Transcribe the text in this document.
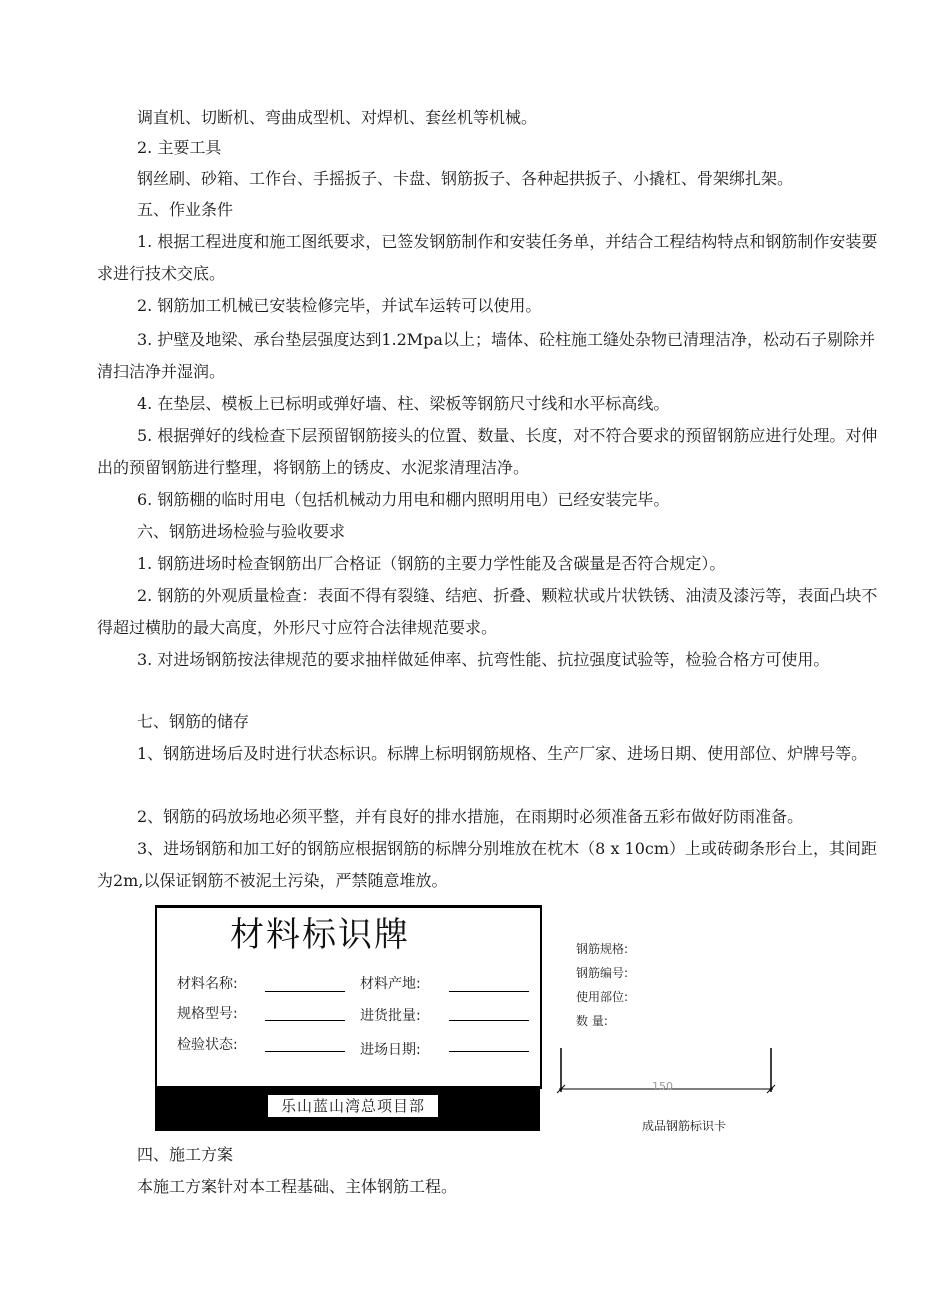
调直机、切断机、弯曲成型机、对焊机、套丝机等机械。

2. 主要工具

钢丝刷、砂箱、工作台、手摇扳子、卡盘、钢筋扳子、各种起拱扳子、小撬杠、骨架绑扎架。

五、作业条件

1. 根据工程进度和施工图纸要求，已签发钢筋制作和安装任务单，并结合工程结构特点和钢筋制作安装要求进行技术交底。

2. 钢筋加工机械已安装检修完毕，并试车运转可以使用。

3. 护壁及地梁、承台垫层强度达到1.2Mpa以上；墙体、砼柱施工缝处杂物已清理洁净，松动石子剔除并清扫洁净并湿润。

4. 在垫层、模板上已标明或弹好墙、柱、梁板等钢筋尺寸线和水平标高线。

5. 根据弹好的线检查下层预留钢筋接头的位置、数量、长度，对不符合要求的预留钢筋应进行处理。对伸出的预留钢筋进行整理，将钢筋上的锈皮、水泥浆清理洁净。

6. 钢筋棚的临时用电（包括机械动力用电和棚内照明用电）已经安装完毕。

六、钢筋进场检验与验收要求

1. 钢筋进场时检查钢筋出厂合格证（钢筋的主要力学性能及含碳量是否符合规定）。

2. 钢筋的外观质量检查：表面不得有裂缝、结疤、折叠、颗粒状或片状铁锈、油渍及漆污等，表面凸块不得超过横肋的最大高度，外形尺寸应符合法律规范要求。

3. 对进场钢筋按法律规范的要求抽样做延伸率、抗弯性能、抗拉强度试验等，检验合格方可使用。

七、钢筋的储存

1、钢筋进场后及时进行状态标识。标牌上标明钢筋规格、生产厂家、进场日期、使用部位、炉牌号等。

2、钢筋的码放场地必须平整，并有良好的排水措施，在雨期时必须准备五彩布做好防雨准备。

3、进场钢筋和加工好的钢筋应根据钢筋的标牌分别堆放在枕木（8 x 10cm）上或砖砌条形台上，其间距为2m,以保证钢筋不被泥土污染，严禁随意堆放。

材料标识牌
材料名称:	材料产地:
规格型号:	进货批量:
检验状态:	进场日期:
乐山蓝山湾总项目部
钢筋规格:
钢筋编号:
使用部位:
数 量:
150
成品钢筋标识卡

四、施工方案

本施工方案针对本工程基础、主体钢筋工程。
